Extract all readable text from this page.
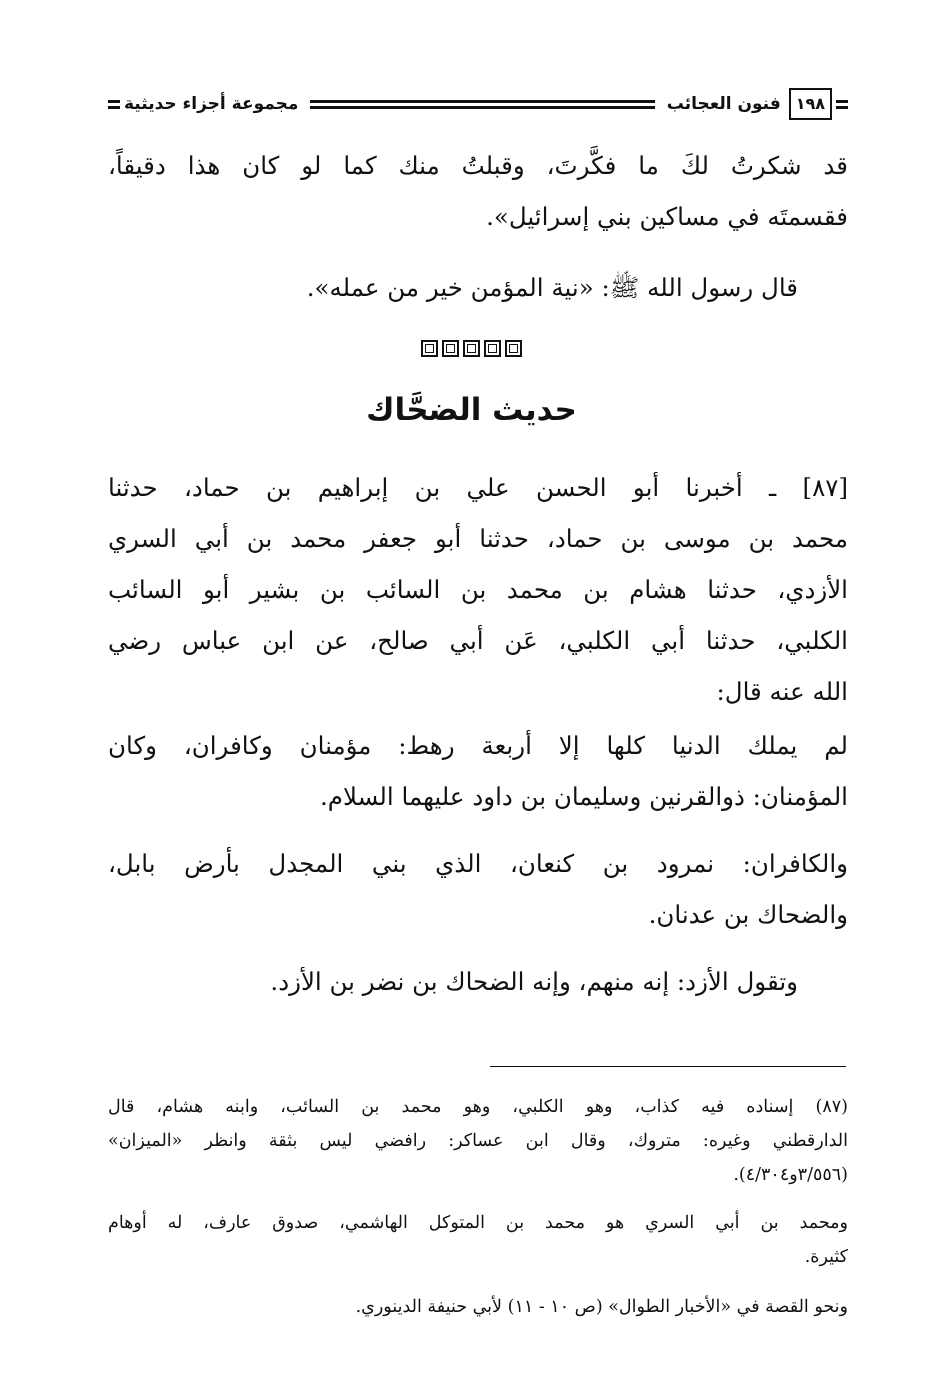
١٩٨
فنون العجائب
مجموعة أجزاء حديثية

قد شكرتُ لكَ ما فكَّرتَ، وقبلتُ منك كما لو كان هذا دقيقاً،
فقسمتَه في مساكين بني إسرائيل».

قال رسول الله ﷺ: «نية المؤمن خير من عمله».

حديث الضحَّاك

[٨٧] ـ أخبرنا أبو الحسن علي بن إبراهيم بن حماد، حدثنا
محمد بن موسى بن حماد، حدثنا أبو جعفر محمد بن أبي السري
الأزدي، حدثنا هشام بن محمد بن السائب بن بشير أبو السائب
الكلبي، حدثنا أبي الكلبي، عَن أبي صالح، عن ابن عباس رضي
الله عنه قال:

لم يملك الدنيا كلها إلا أربعة رهط: مؤمنان وكافران، وكان
المؤمنان: ذوالقرنين وسليمان بن داود عليهما السلام.

والكافران: نمرود بن كنعان، الذي بني المجدل بأرض بابل،
والضحاك بن عدنان.

وتقول الأزد: إنه منهم، وإنه الضحاك بن نضر بن الأزد.

(٨٧) إسناده فيه كذاب، وهو الكلبي، وهو محمد بن السائب، وابنه هشام، قال
الدارقطني وغيره: متروك، وقال ابن عساكر: رافضي ليس بثقة وانظر «الميزان»
(٣/٥٥٦و٤/٣٠٤).
ومحمد بن أبي السري هو محمد بن المتوكل الهاشمي، صدوق عارف، له أوهام
كثيرة.
ونحو القصة في «الأخبار الطوال» (ص ١٠ - ١١) لأبي حنيفة الدينوري.
